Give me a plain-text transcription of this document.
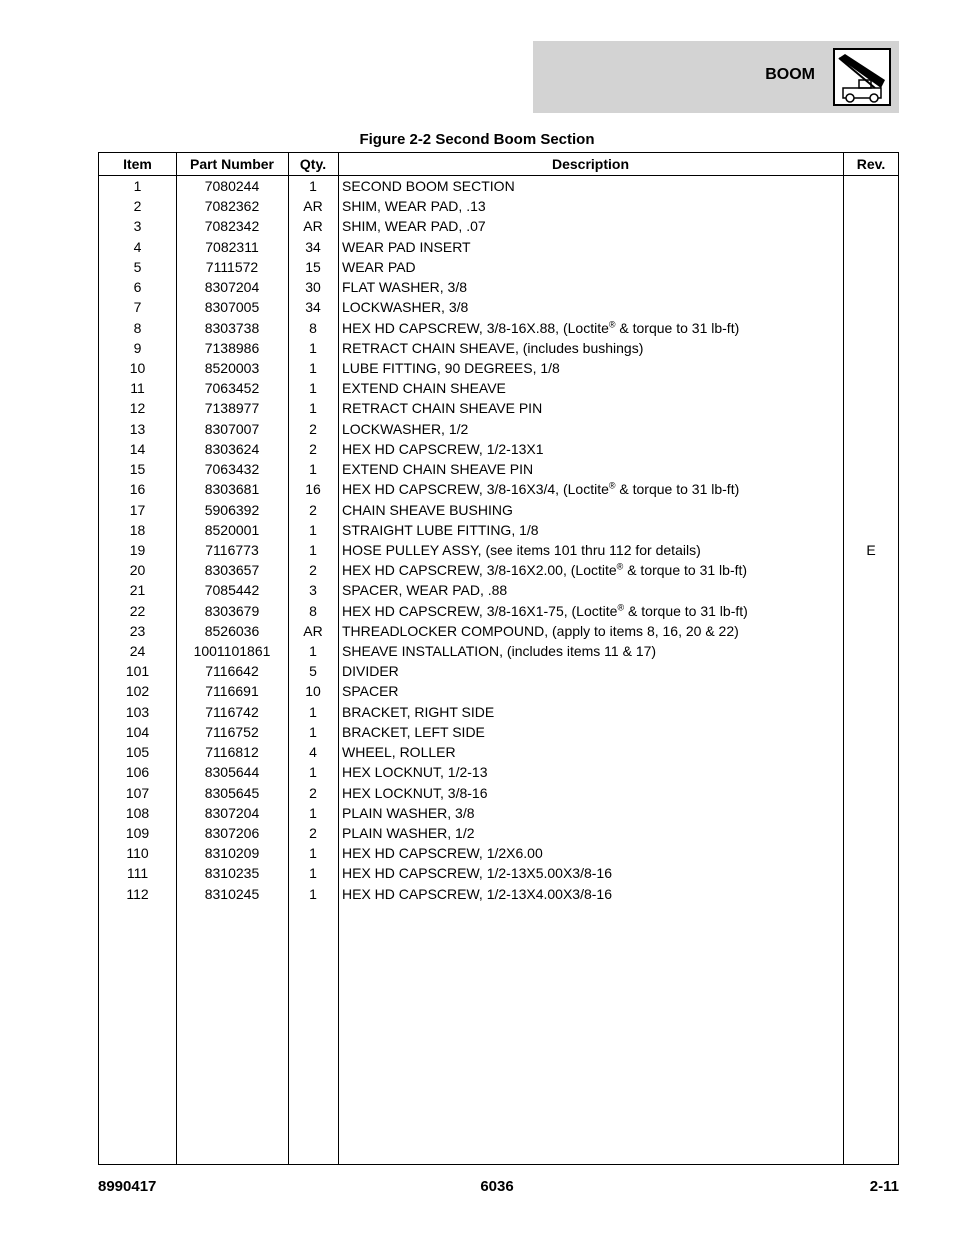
BOOM
Figure 2-2 Second Boom Section
Item	Part Number	Qty.	Description	Rev.
1	7080244	1	SECOND BOOM SECTION
2	7082362	AR	SHIM, WEAR PAD, .13
3	7082342	AR	SHIM, WEAR PAD, .07
4	7082311	34	WEAR PAD INSERT
5	7111572	15	WEAR PAD
6	8307204	30	FLAT WASHER, 3/8
7	8307005	34	LOCKWASHER, 3/8
8	8303738	8	HEX HD CAPSCREW, 3/8-16X.88, (Loctite® & torque to 31 lb-ft)
9	7138986	1	RETRACT CHAIN SHEAVE, (includes bushings)
10	8520003	1	LUBE FITTING, 90 DEGREES, 1/8
11	7063452	1	EXTEND CHAIN SHEAVE
12	7138977	1	RETRACT CHAIN SHEAVE PIN
13	8307007	2	LOCKWASHER, 1/2
14	8303624	2	HEX HD CAPSCREW, 1/2-13X1
15	7063432	1	EXTEND CHAIN SHEAVE PIN
16	8303681	16	HEX HD CAPSCREW, 3/8-16X3/4, (Loctite® & torque to 31 lb-ft)
17	5906392	2	CHAIN SHEAVE BUSHING
18	8520001	1	STRAIGHT LUBE FITTING, 1/8
19	7116773	1	HOSE PULLEY ASSY, (see items 101 thru 112 for details)	E
20	8303657	2	HEX HD CAPSCREW, 3/8-16X2.00, (Loctite® & torque to 31 lb-ft)
21	7085442	3	SPACER, WEAR PAD, .88
22	8303679	8	HEX HD CAPSCREW, 3/8-16X1-75, (Loctite® & torque to 31 lb-ft)
23	8526036	AR	THREADLOCKER COMPOUND, (apply to items 8, 16, 20 & 22)
24	1001101861	1	SHEAVE INSTALLATION, (includes items 11 & 17)
101	7116642	5	DIVIDER
102	7116691	10	SPACER
103	7116742	1	BRACKET, RIGHT SIDE
104	7116752	1	BRACKET, LEFT SIDE
105	7116812	4	WHEEL, ROLLER
106	8305644	1	HEX LOCKNUT, 1/2-13
107	8305645	2	HEX LOCKNUT, 3/8-16
108	8307204	1	PLAIN WASHER, 3/8
109	8307206	2	PLAIN WASHER, 1/2
110	8310209	1	HEX HD CAPSCREW, 1/2X6.00
111	8310235	1	HEX HD CAPSCREW, 1/2-13X5.00X3/8-16
112	8310245	1	HEX HD CAPSCREW, 1/2-13X4.00X3/8-16
8990417	6036	2-11
